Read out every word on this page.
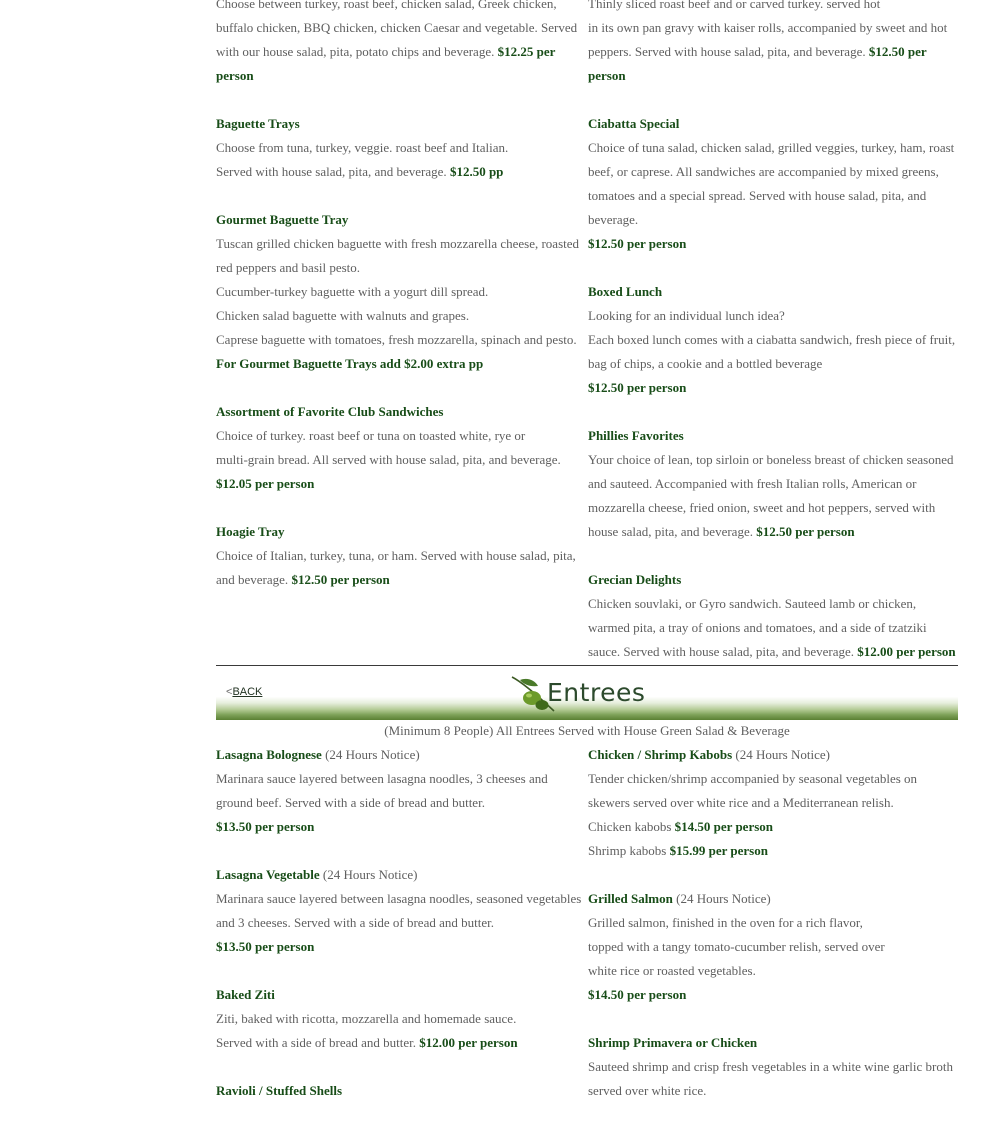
Choose between turkey, roast beef, chicken salad, Greek chicken, buffalo chicken, BBQ chicken, chicken Caesar and vegetable. Served with our house salad, pita, potato chips and beverage. $12.25 per person

Baguette Trays

Choose from tuna, turkey, veggie. roast beef and Italian.

Served with house salad, pita, and beverage. $12.50 pp

Gourmet Baguette Tray

Tuscan grilled chicken baguette with fresh mozzarella cheese, roasted red peppers and basil pesto.

Cucumber-turkey baguette with a yogurt dill spread.

Chicken salad baguette with walnuts and grapes.

Caprese baguette with tomatoes, fresh mozzarella, spinach and pesto.

For Gourmet Baguette Trays add $2.00 extra pp

Assortment of Favorite Club Sandwiches

Choice of turkey. roast beef or tuna on toasted white, rye or

multi-grain bread. All served with house salad, pita, and beverage.

$12.05 per person

Hoagie Tray

Choice of Italian, turkey, tuna, or ham. Served with house salad, pita, and beverage. $12.50 per person

Thinly sliced roast beef and or carved turkey. served hot

in its own pan gravy with kaiser rolls, accompanied by sweet and hot peppers. Served with house salad, pita, and beverage. $12.50 per person

Ciabatta Special

Choice of tuna salad, chicken salad, grilled veggies, turkey, ham, roast beef, or caprese. All sandwiches are accompanied by mixed greens, tomatoes and a special spread. Served with house salad, pita, and beverage.

$12.50 per person

Boxed Lunch

Looking for an individual lunch idea?

Each boxed lunch comes with a ciabatta sandwich, fresh piece of fruit, bag of chips, a cookie and a bottled beverage

$12.50 per person

Phillies Favorites

Your choice of lean, top sirloin or boneless breast of chicken seasoned and sauteed. Accompanied with fresh Italian rolls, American or mozzarella cheese, fried onion, sweet and hot peppers, served with house salad, pita, and beverage. $12.50 per person

Grecian Delights

Chicken souvlaki, or Gyro sandwich. Sauteed lamb or chicken, warmed pita, a tray of onions and tomatoes, and a side of tzatziki sauce. Served with house salad, pita, and beverage. $12.00 per person

<BACK	Entrees
(Minimum 8 People) All Entrees Served with House Green Salad & Beverage

Lasagna Bolognese (24 Hours Notice)

Marinara sauce layered between lasagna noodles, 3 cheeses and ground beef. Served with a side of bread and butter.

$13.50 per person

Lasagna Vegetable (24 Hours Notice)

Marinara sauce layered between lasagna noodles, seasoned vegetables and 3 cheeses. Served with a side of bread and butter.

$13.50 per person

Baked Ziti

Ziti, baked with ricotta, mozzarella and homemade sauce.

Served with a side of bread and butter. $12.00 per person

Ravioli / Stuffed Shells

Chicken / Shrimp Kabobs (24 Hours Notice)

Tender chicken/shrimp accompanied by seasonal vegetables on skewers served over white rice and a Mediterranean relish.

Chicken kabobs $14.50 per person

Shrimp kabobs $15.99 per person

Grilled Salmon (24 Hours Notice)

Grilled salmon, finished in the oven for a rich flavor,

topped with a tangy tomato-cucumber relish, served over

white rice or roasted vegetables.

$14.50 per person

Shrimp Primavera or Chicken

Sauteed shrimp and crisp fresh vegetables in a white wine garlic broth served over white rice.
